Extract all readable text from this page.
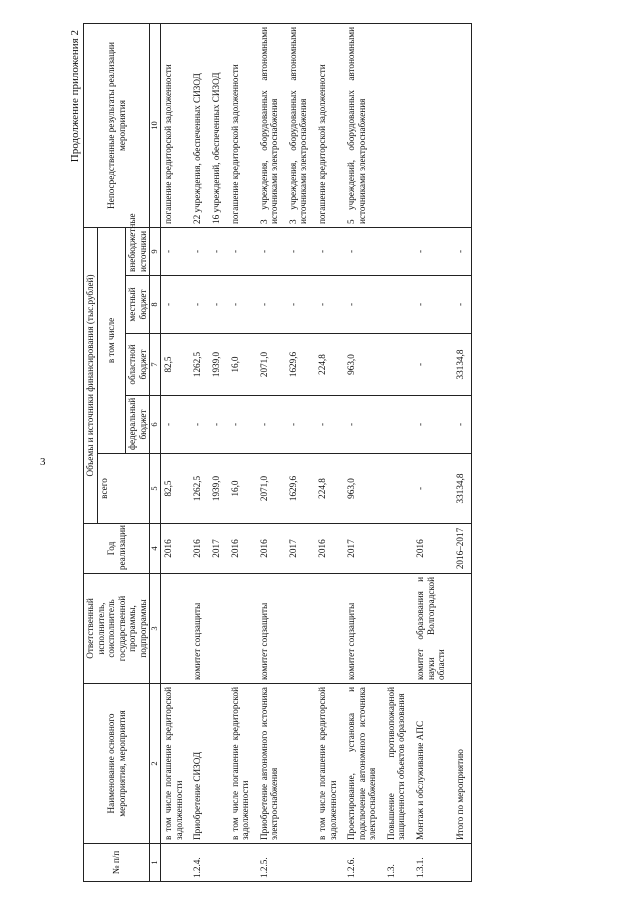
3
Продолжение приложения 2
№ п/п	Наименование основного мероприятия, мероприятия	Ответственный исполнитель, соисполнитель государственной программы, подпрограммы	Год реализации	Объемы и источники финансирования (тыс.рублей)					Непосредственные результаты реализации мероприятия
				всего	в том числе				
					федеральный бюджет	областной бюджет	местный бюджет	внебюджетные источники	
1	2	3	4	5	6	7	8	9	10
	в том числе погашение кредиторской задолженности		2016	82,5	-	82,5	-	-	погашение кредиторской задолженности
1.2.4.	Приобретение СИЗОД	комитет соцзащиты	2016	1262,5	-	1262,5	-	-	22 учреждения, обеспеченных СИЗОД
			2017	1939,0	-	1939,0	-	-	16 учреждений, обеспеченных СИЗОД
	в том числе погашение кредиторской задолженности		2016	16,0	-	16,0	-	-	погашение кредиторской задолженности
1.2.5.	Приобретение автономного источника электроснабжения	комитет соцзащиты	2016	2071,0	-	2071,0	-	-	3 учреждения, оборудованных автономными источниками электроснабжения
			2017	1629,6	-	1629,6	-	-	3 учреждения, оборудованных автономными источниками электроснабжения
	в том числе погашение кредиторской задолженности		2016	224,8	-	224,8	-	-	погашение кредиторской задолженности
1.2.6.	Проектирование, установка и подключение автономного источника электроснабжения	комитет соцзащиты	2017	963,0	-	963,0	-	-	5 учреждений, оборудованных автономными источниками электроснабжения
1.3.	Повышение противопожарной защищенности объектов образования								
1.3.1.	Монтаж и обслуживание АПС	комитет образования и науки Волгоградской области	2016	-	-	-	-	-	
	Итого по мероприятию		2016–2017	33134,8	-	33134,8	-	-	
